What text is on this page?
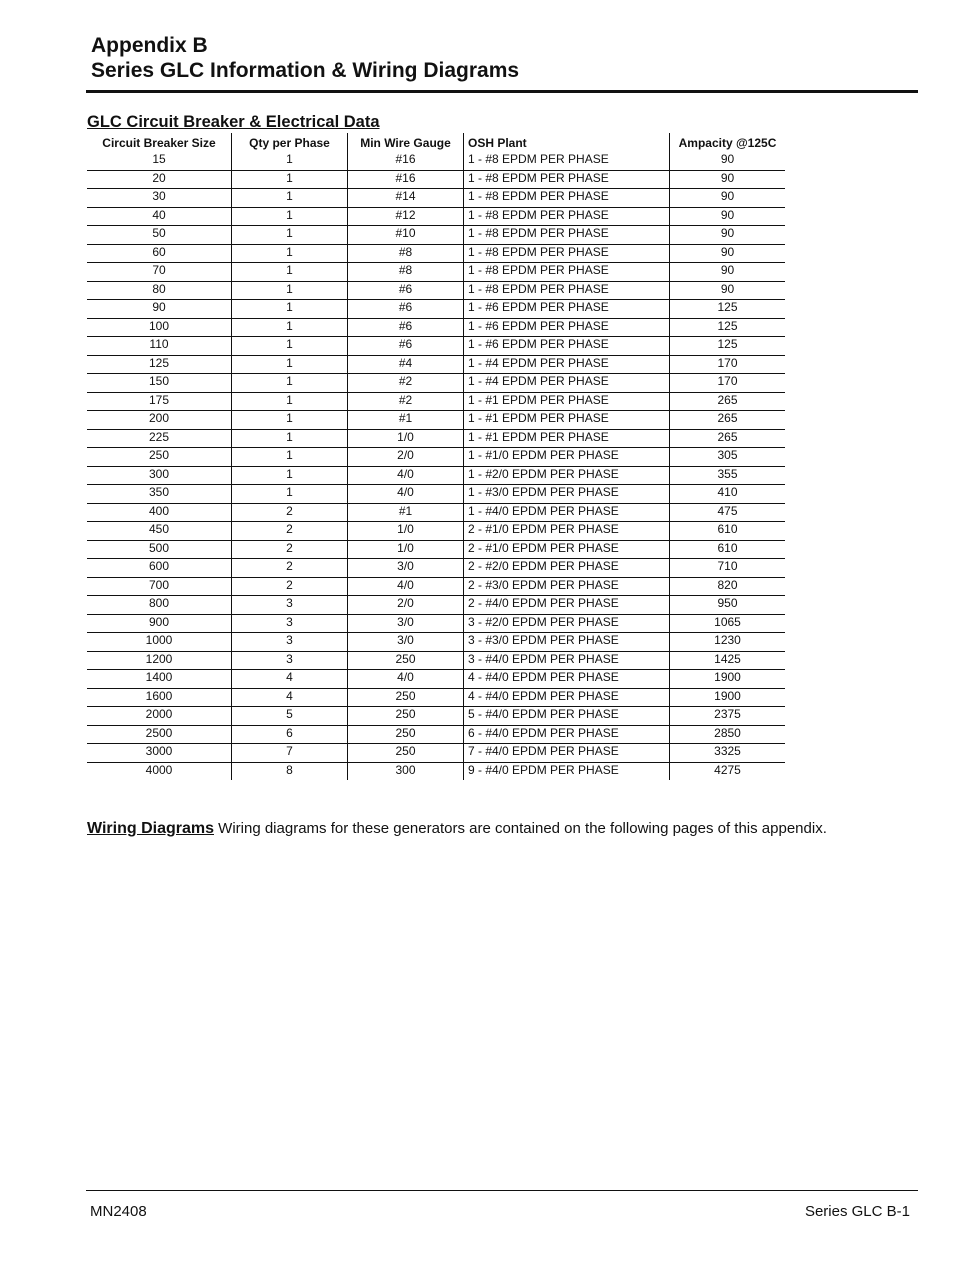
Appendix B
Series GLC Information & Wiring Diagrams
GLC Circuit Breaker & Electrical Data
Circuit Breaker Size	Qty per Phase	Min Wire Gauge	OSH Plant	Ampacity @125C
15	1	#16	1 - #8 EPDM PER PHASE	90
20	1	#16	1 - #8 EPDM PER PHASE	90
30	1	#14	1 - #8 EPDM PER PHASE	90
40	1	#12	1 - #8 EPDM PER PHASE	90
50	1	#10	1 - #8 EPDM PER PHASE	90
60	1	#8	1 - #8 EPDM PER PHASE	90
70	1	#8	1 - #8 EPDM PER PHASE	90
80	1	#6	1 - #8 EPDM PER PHASE	90
90	1	#6	1 - #6 EPDM PER PHASE	125
100	1	#6	1 - #6 EPDM PER PHASE	125
110	1	#6	1 - #6 EPDM PER PHASE	125
125	1	#4	1 - #4 EPDM PER PHASE	170
150	1	#2	1 - #4 EPDM PER PHASE	170
175	1	#2	1 - #1 EPDM PER PHASE	265
200	1	#1	1 - #1 EPDM PER PHASE	265
225	1	1/0	1 - #1 EPDM PER PHASE	265
250	1	2/0	1 - #1/0 EPDM PER PHASE	305
300	1	4/0	1 - #2/0 EPDM PER PHASE	355
350	1	4/0	1 - #3/0 EPDM PER PHASE	410
400	2	#1	1 - #4/0 EPDM PER PHASE	475
450	2	1/0	2 - #1/0 EPDM PER PHASE	610
500	2	1/0	2 - #1/0 EPDM PER PHASE	610
600	2	3/0	2 - #2/0 EPDM PER PHASE	710
700	2	4/0	2 - #3/0 EPDM PER PHASE	820
800	3	2/0	2 - #4/0 EPDM PER PHASE	950
900	3	3/0	3 - #2/0 EPDM PER PHASE	1065
1000	3	3/0	3 - #3/0 EPDM PER PHASE	1230
1200	3	250	3 - #4/0 EPDM PER PHASE	1425
1400	4	4/0	4 - #4/0 EPDM PER PHASE	1900
1600	4	250	4 - #4/0 EPDM PER PHASE	1900
2000	5	250	5 - #4/0 EPDM PER PHASE	2375
2500	6	250	6 - #4/0 EPDM PER PHASE	2850
3000	7	250	7 - #4/0 EPDM PER PHASE	3325
4000	8	300	9 - #4/0 EPDM PER PHASE	4275
Wiring Diagrams Wiring diagrams for these generators are contained on the following pages of this appendix.
MN2408	Series GLC B-1
